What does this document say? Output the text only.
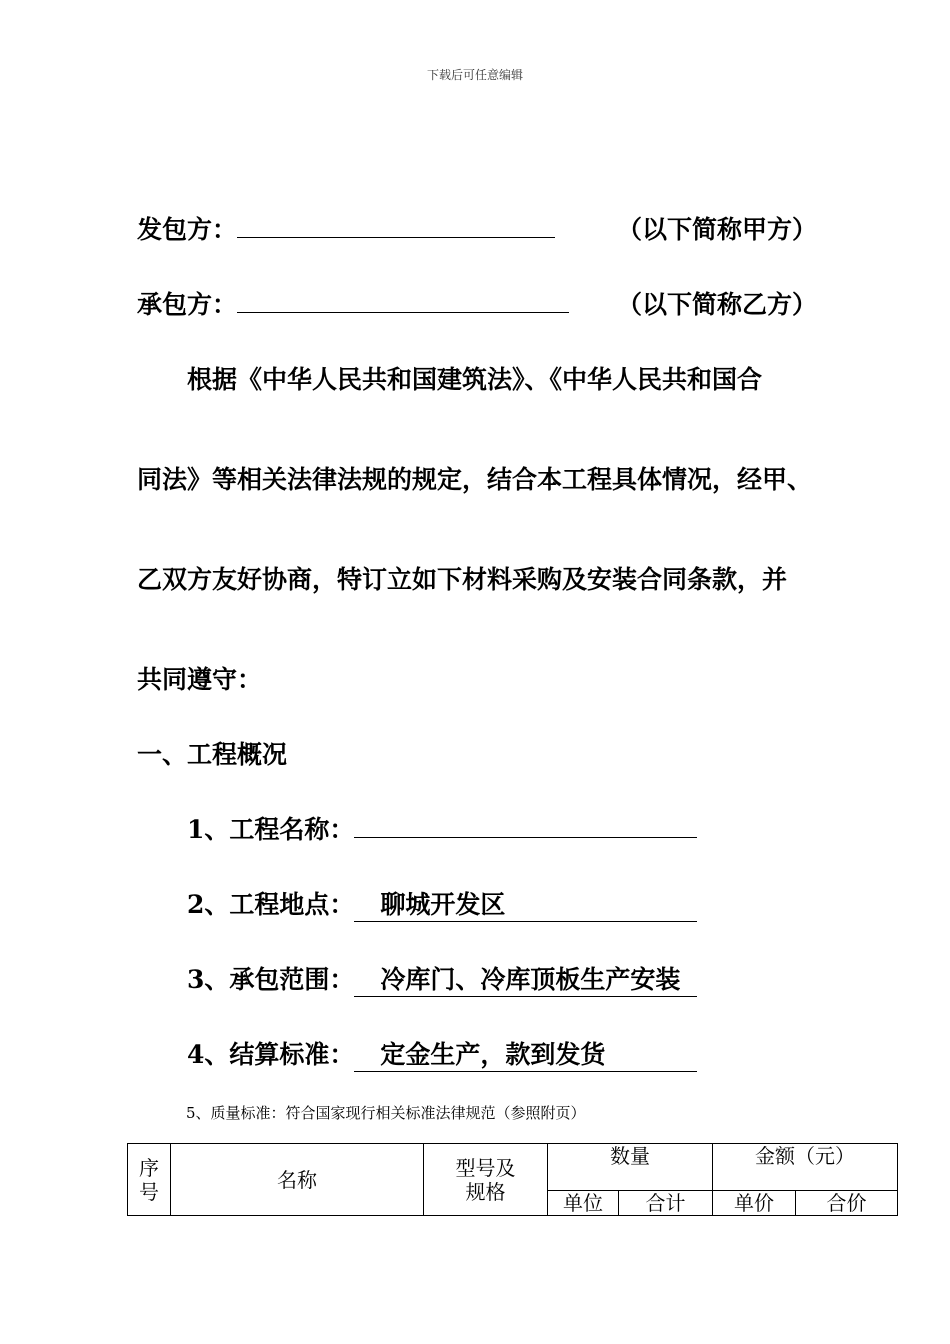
下载后可任意编辑
发包方：	（以下简称甲方）
承包方：	（以下简称乙方）
根据《中华人民共和国建筑法》、《中华人民共和国合
同法》等相关法律法规的规定，结合本工程具体情况，经甲、
乙双方友好协商，特订立如下材料采购及安装合同条款，并
共同遵守：
一、工程概况
1、工程名称：
2、工程地点： 聊城开发区
3、承包范围： 冷库门、冷库顶板生产安装
4、结算标准： 定金生产，款到发货
5、质量标准：符合国家现行相关标准法律规范（参照附页）
序号	名称	型号及规格	数量		金额（元）	
			单位	合计	单价	合价
